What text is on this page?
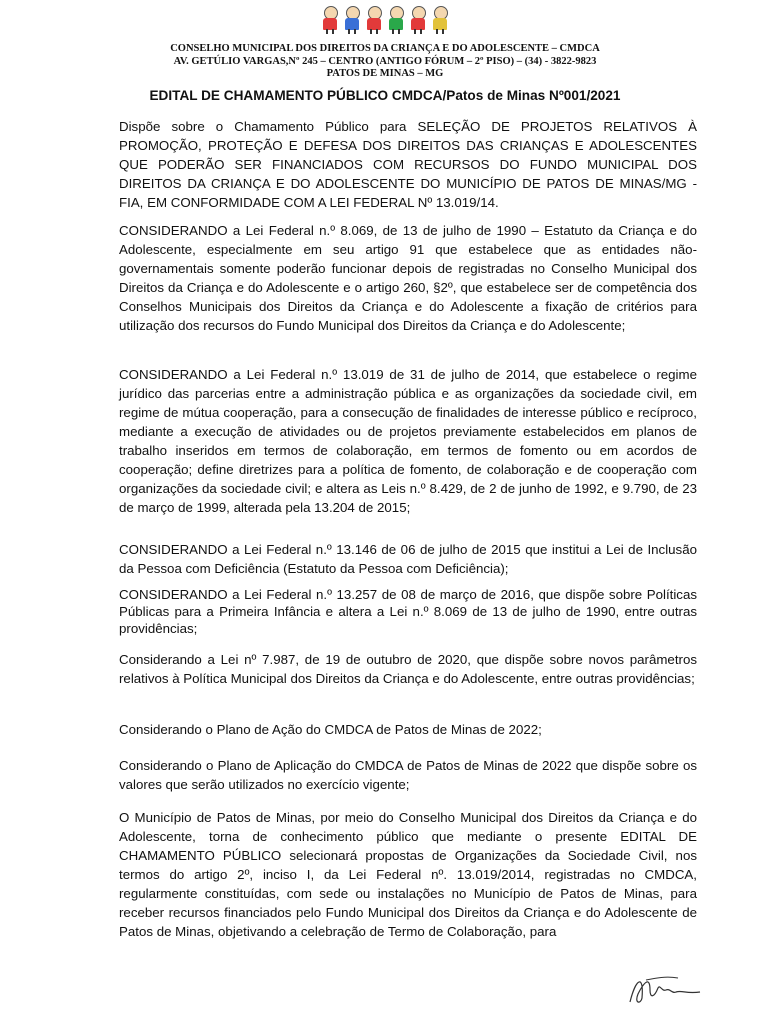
CONSELHO MUNICIPAL DOS DIREITOS DA CRIANÇA E DO ADOLESCENTE – CMDCA
AV. GETÚLIO VARGAS,Nº 245 – CENTRO (ANTIGO FÓRUM – 2º PISO) – (34) - 3822-9823
PATOS DE MINAS – MG
EDITAL DE CHAMAMENTO PÚBLICO CMDCA/Patos de Minas Nº001/2021
Dispõe sobre o Chamamento Público para SELEÇÃO DE PROJETOS RELATIVOS À PROMOÇÃO, PROTEÇÃO E DEFESA DOS DIREITOS DAS CRIANÇAS E ADOLESCENTES QUE PODERÃO SER FINANCIADOS COM RECURSOS DO FUNDO MUNICIPAL DOS DIREITOS DA CRIANÇA E DO ADOLESCENTE DO MUNICÍPIO DE PATOS DE MINAS/MG - FIA, EM CONFORMIDADE COM A LEI FEDERAL Nº 13.019/14.
CONSIDERANDO a Lei Federal n.º 8.069, de 13 de julho de 1990 – Estatuto da Criança e do Adolescente, especialmente em seu artigo 91 que estabelece que as entidades não-governamentais somente poderão funcionar depois de registradas no Conselho Municipal dos Direitos da Criança e do Adolescente e o artigo 260, §2º, que estabelece ser de competência dos Conselhos Municipais dos Direitos da Criança e do Adolescente a fixação de critérios para utilização dos recursos do Fundo Municipal dos Direitos da Criança e do Adolescente;
CONSIDERANDO a Lei Federal n.º 13.019 de 31 de julho de 2014, que estabelece o regime jurídico das parcerias entre a administração pública e as organizações da sociedade civil, em regime de mútua cooperação, para a consecução de finalidades de interesse público e recíproco, mediante a execução de atividades ou de projetos previamente estabelecidos em planos de trabalho inseridos em termos de colaboração, em termos de fomento ou em acordos de cooperação; define diretrizes para a política de fomento, de colaboração e de cooperação com organizações da sociedade civil; e altera as Leis n.º 8.429, de 2 de junho de 1992, e 9.790, de 23 de março de 1999, alterada pela 13.204 de 2015;
CONSIDERANDO a Lei Federal n.º 13.146 de 06 de julho de 2015 que institui a Lei de Inclusão da Pessoa com Deficiência (Estatuto da Pessoa com Deficiência);
CONSIDERANDO a Lei Federal n.º 13.257 de 08 de março de 2016, que dispõe sobre Políticas Públicas para a Primeira Infância e altera a Lei n.º 8.069 de 13 de julho de 1990, entre outras providências;
Considerando a Lei nº 7.987, de 19 de outubro de 2020, que dispõe sobre novos parâmetros relativos à Política Municipal dos Direitos da Criança e do Adolescente, entre outras providências;
Considerando o Plano de Ação do CMDCA de Patos de Minas de 2022;
Considerando o Plano de Aplicação do CMDCA de Patos de Minas de 2022 que dispõe sobre os valores que serão utilizados no exercício vigente;
O Município de Patos de Minas, por meio do Conselho Municipal dos Direitos da Criança e do Adolescente, torna de conhecimento público que mediante o presente EDITAL DE CHAMAMENTO PÚBLICO selecionará propostas de Organizações da Sociedade Civil, nos termos do artigo 2º, inciso I, da Lei Federal nº. 13.019/2014, registradas no CMDCA, regularmente constituídas, com sede ou instalações no Município de Patos de Minas, para receber recursos financiados pelo Fundo Municipal dos Direitos da Criança e do Adolescente de Patos de Minas, objetivando a celebração de Termo de Colaboração, para
